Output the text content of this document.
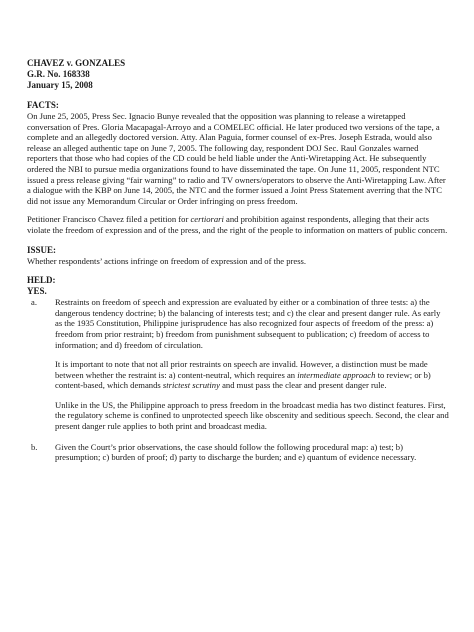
CHAVEZ v. GONZALES
G.R. No. 168338
January 15, 2008
FACTS:

On June 25, 2005, Press Sec. Ignacio Bunye revealed that the opposition was planning to release a wiretapped conversation of Pres. Gloria Macapagal-Arroyo and a COMELEC official. He later produced two versions of the tape, a complete and an allegedly doctored version. Atty. Alan Paguia, former counsel of ex-Pres. Joseph Estrada, would also release an alleged authentic tape on June 7, 2005. The following day, respondent DOJ Sec. Raul Gonzales warned reporters that those who had copies of the CD could be held liable under the Anti-Wiretapping Act. He subsequently ordered the NBI to pursue media organizations found to have disseminated the tape. On June 11, 2005, respondent NTC issued a press release giving “fair warning” to radio and TV owners/operators to observe the Anti-Wiretapping Law. After a dialogue with the KBP on June 14, 2005, the NTC and the former issued a Joint Press Statement averring that the NTC did not issue any Memorandum Circular or Order infringing on press freedom.

Petitioner Francisco Chavez filed a petition for certiorari and prohibition against respondents, alleging that their acts violate the freedom of expression and of the press, and the right of the people to information on matters of public concern.

ISSUE:

Whether respondents’ actions infringe on freedom of expression and of the press.

HELD:
YES.
a. Restraints on freedom of speech and expression are evaluated by either or a combination of three tests: a) the dangerous tendency doctrine; b) the balancing of interests test; and c) the clear and present danger rule. As early as the 1935 Constitution, Philippine jurisprudence has also recognized four aspects of freedom of the press: a) freedom from prior restraint; b) freedom from punishment subsequent to publication; c) freedom of access to information; and d) freedom of circulation.

It is important to note that not all prior restraints on speech are invalid. However, a distinction must be made between whether the restraint is: a) content-neutral, which requires an intermediate approach to review; or b) content-based, which demands strictest scrutiny and must pass the clear and present danger rule.

Unlike in the US, the Philippine approach to press freedom in the broadcast media has two distinct features. First, the regulatory scheme is confined to unprotected speech like obscenity and seditious speech. Second, the clear and present danger rule applies to both print and broadcast media.

b. Given the Court’s prior observations, the case should follow the following procedural map: a) test; b) presumption; c) burden of proof; d) party to discharge the burden; and e) quantum of evidence necessary.
